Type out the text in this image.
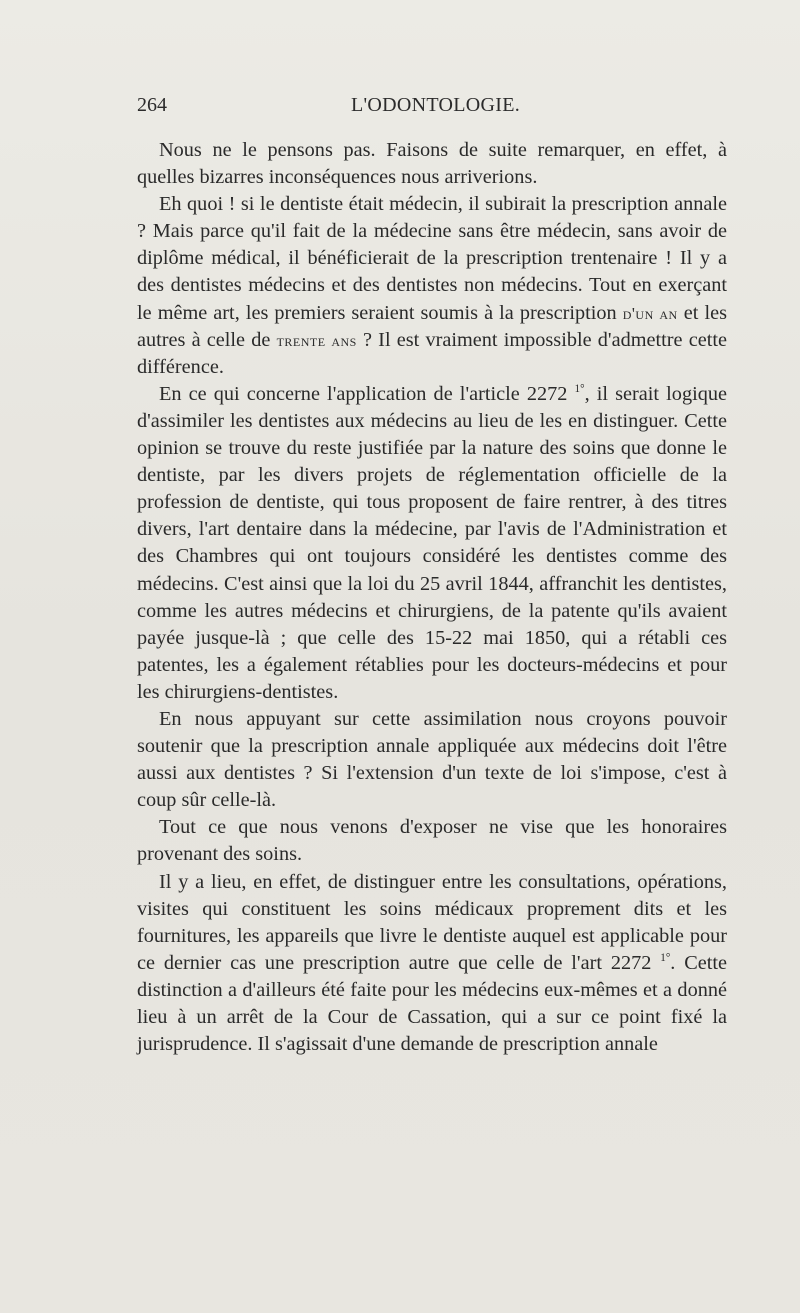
264	L'ODONTOLOGIE.

Nous ne le pensons pas. Faisons de suite remarquer, en effet, à quelles bizarres inconséquences nous arriverions.

Eh quoi ! si le dentiste était médecin, il subirait la prescription annale ? Mais parce qu'il fait de la médecine sans être médecin, sans avoir de diplôme médical, il bénéficierait de la prescription trentenaire ! Il y a des dentistes médecins et des dentistes non médecins. Tout en exerçant le même art, les premiers seraient soumis à la prescription d'un an et les autres à celle de trente ans ? Il est vraiment impossible d'admettre cette différence.

En ce qui concerne l'application de l'article 2272 $^{1^\circ}$, il serait logique d'assimiler les dentistes aux médecins au lieu de les en distinguer. Cette opinion se trouve du reste justifiée par la nature des soins que donne le dentiste, par les divers projets de réglementation officielle de la profession de dentiste, qui tous proposent de faire rentrer, à des titres divers, l'art dentaire dans la médecine, par l'avis de l'Administration et des Chambres qui ont toujours considéré les dentistes comme des médecins. C'est ainsi que la loi du 25 avril 1844, affranchit les dentistes, comme les autres médecins et chirurgiens, de la patente qu'ils avaient payée jusque-là ; que celle des 15-22 mai 1850, qui a rétabli ces patentes, les a également rétablies pour les docteurs-médecins et pour les chirurgiens-dentistes.

En nous appuyant sur cette assimilation nous croyons pouvoir soutenir que la prescription annale appliquée aux médecins doit l'être aussi aux dentistes ? Si l'extension d'un texte de loi s'impose, c'est à coup sûr celle-là.

Tout ce que nous venons d'exposer ne vise que les honoraires provenant des soins.

Il y a lieu, en effet, de distinguer entre les consultations, opérations, visites qui constituent les soins médicaux proprement dits et les fournitures, les appareils que livre le dentiste auquel est applicable pour ce dernier cas une prescription autre que celle de l'art 2272 $^{1^\circ}$. Cette distinction a d'ailleurs été faite pour les médecins eux-mêmes et a donné lieu à un arrêt de la Cour de Cassation, qui a sur ce point fixé la jurisprudence. Il s'agissait d'une demande de prescription annale
